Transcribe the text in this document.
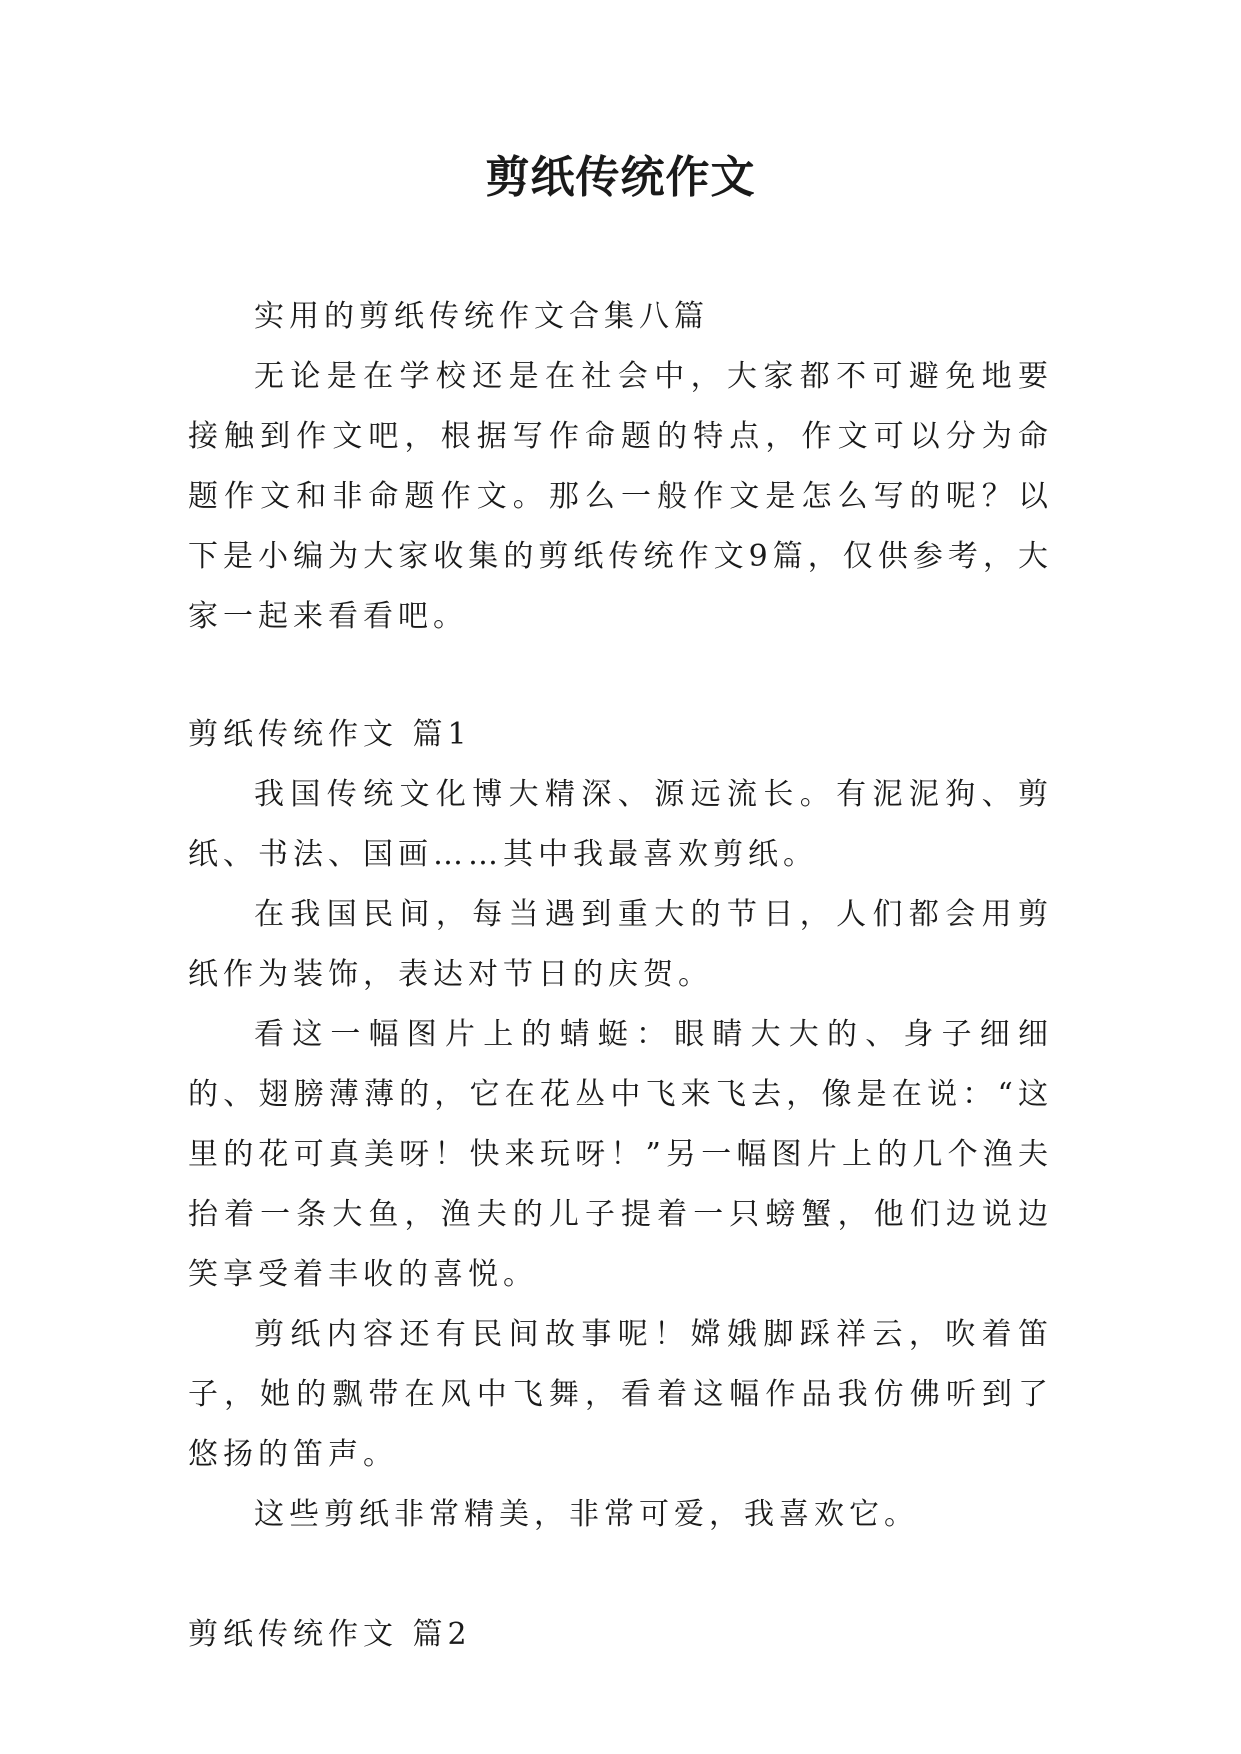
剪纸传统作文

实用的剪纸传统作文合集八篇

无论是在学校还是在社会中，大家都不可避免地要接触到作文吧，根据写作命题的特点，作文可以分为命题作文和非命题作文。那么一般作文是怎么写的呢？以下是小编为大家收集的剪纸传统作文9篇，仅供参考，大家一起来看看吧。

剪纸传统作文 篇1

我国传统文化博大精深、源远流长。有泥泥狗、剪纸、书法、国画……其中我最喜欢剪纸。

在我国民间，每当遇到重大的节日，人们都会用剪纸作为装饰，表达对节日的庆贺。

看这一幅图片上的蜻蜓：眼睛大大的、身子细细的、翅膀薄薄的，它在花丛中飞来飞去，像是在说：“这里的花可真美呀！快来玩呀！”另一幅图片上的几个渔夫抬着一条大鱼，渔夫的儿子提着一只螃蟹，他们边说边笑享受着丰收的喜悦。

剪纸内容还有民间故事呢！嫦娥脚踩祥云，吹着笛子，她的飘带在风中飞舞，看着这幅作品我仿佛听到了悠扬的笛声。

这些剪纸非常精美，非常可爱，我喜欢它。

剪纸传统作文 篇2
